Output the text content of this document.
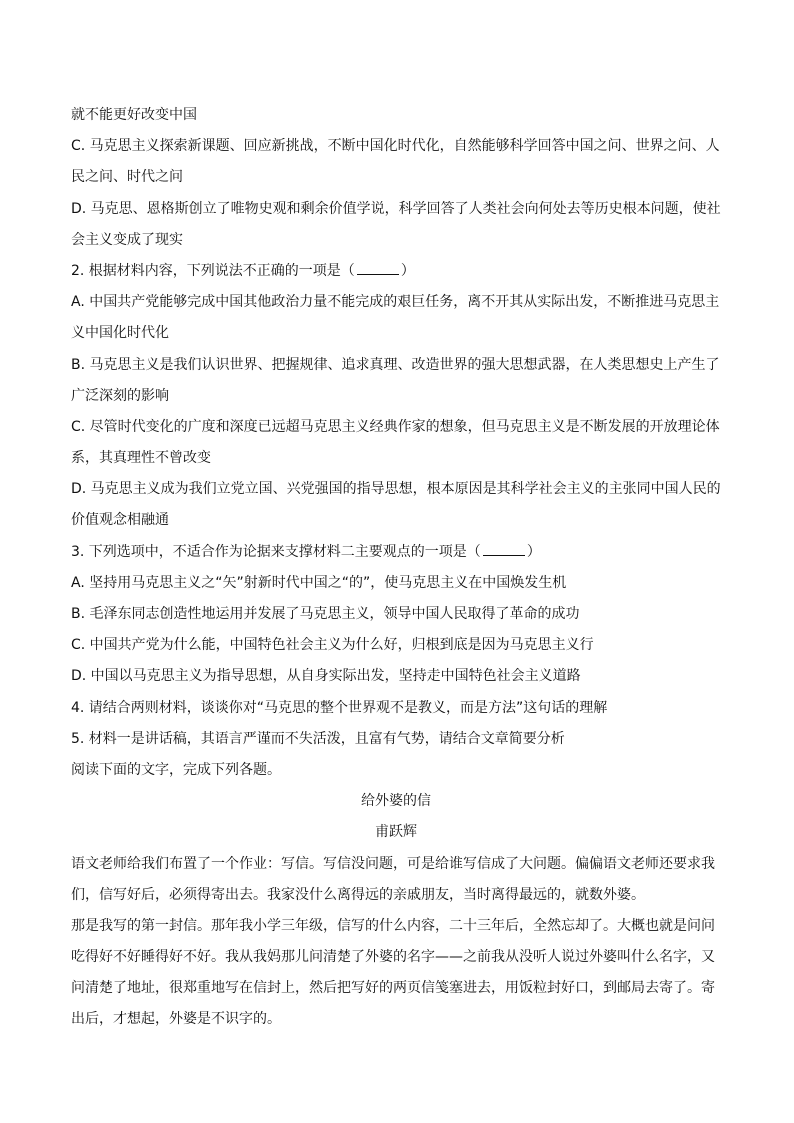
就不能更好改变中国
C. 马克思主义探索新课题、回应新挑战，不断中国化时代化，自然能够科学回答中国之问、世界之问、人
民之问、时代之问
D. 马克思、恩格斯创立了唯物史观和剩余价值学说，科学回答了人类社会向何处去等历史根本问题，使社
会主义变成了现实
2. 根据材料内容，下列说法不正确的一项是（	）
A. 中国共产党能够完成中国其他政治力量不能完成的艰巨任务，离不开其从实际出发，不断推进马克思主
义中国化时代化
B. 马克思主义是我们认识世界、把握规律、追求真理、改造世界的强大思想武器，在人类思想史上产生了
广泛深刻的影响
C. 尽管时代变化的广度和深度已远超马克思主义经典作家的想象，但马克思主义是不断发展的开放理论体
系，其真理性不曾改变
D. 马克思主义成为我们立党立国、兴党强国的指导思想，根本原因是其科学社会主义的主张同中国人民的
价值观念相融通
3. 下列选项中，不适合作为论据来支撑材料二主要观点的一项是（	）
A. 坚持用马克思主义之“矢”射新时代中国之“的”，使马克思主义在中国焕发生机
B. 毛泽东同志创造性地运用并发展了马克思主义，领导中国人民取得了革命的成功
C. 中国共产党为什么能，中国特色社会主义为什么好，归根到底是因为马克思主义行
D. 中国以马克思主义为指导思想，从自身实际出发，坚持走中国特色社会主义道路
4. 请结合两则材料，谈谈你对“马克思的整个世界观不是教义，而是方法”这句话的理解
5. 材料一是讲话稿，其语言严谨而不失活泼，且富有气势，请结合文章简要分析
阅读下面的文字，完成下列各题。
给外婆的信
甫跃辉
语文老师给我们布置了一个作业：写信。写信没问题，可是给谁写信成了大问题。偏偏语文老师还要求我
们，信写好后，必须得寄出去。我家没什么离得远的亲戚朋友，当时离得最远的，就数外婆。
那是我写的第一封信。那年我小学三年级，信写的什么内容，二十三年后，全然忘却了。大概也就是问问
吃得好不好睡得好不好。我从我妈那儿问清楚了外婆的名字——之前我从没听人说过外婆叫什么名字，又
问清楚了地址，很郑重地写在信封上，然后把写好的两页信笺塞进去，用饭粒封好口，到邮局去寄了。寄
出后，才想起，外婆是不识字的。
